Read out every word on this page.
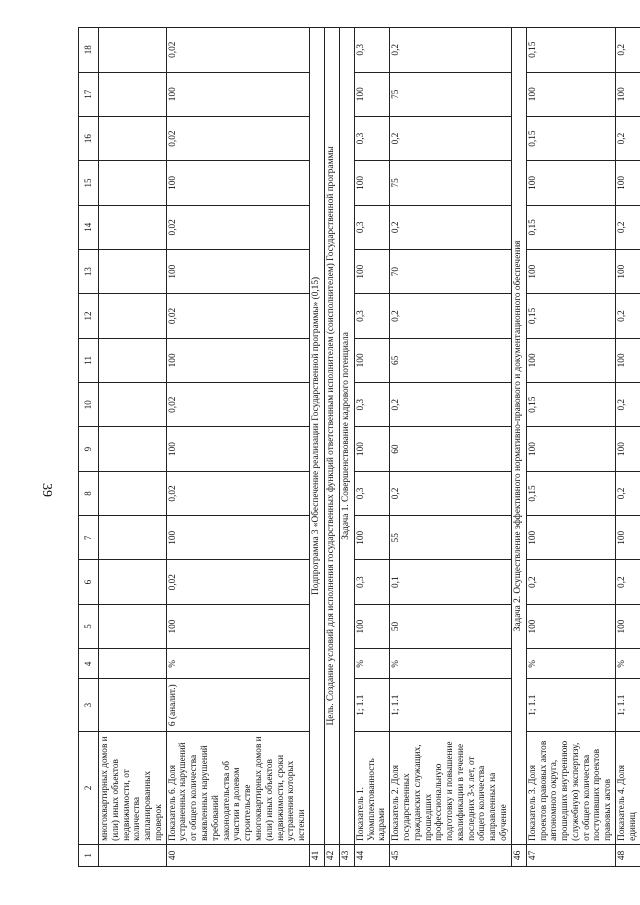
39
1	2	3	4	5	6	7	8	9	10	11	12	13	14	15	16	17	18
	многоквартирных домов и (или) иных объектов недвижимости, от количества запланированных проверок																
40	Показатель 6. Доля устраненных нарушений от общего количества выявленных нарушений требований законодательства об участии в долевом строительстве многоквартирных домов и (или) иных объектов недвижимости, сроки устранения которых истекли	6 (аналит.)	%	100	0,02	100	0,02	100	0,02	100	0,02	100	0,02	100	0,02	100	0,02
41	Подпрограмма 3 «Обеспечение реализации Государственной программы» (0,15)																
42	Цель. Создание условий для исполнения государственных функций ответственным исполнителем (соисполнителем) Государственной программы																
43	Задача 1. Совершенствование кадрового потенциала																
44	Показатель 1. Укомплектованность кадрами	1; 1.1	%	100	0,3	100	0,3	100	0,3	100	0,3	100	0,3	100	0,3	100	0,3
45	Показатель 2. Доля государственных гражданских служащих, прошедших профессиональную подготовку и повышение квалификации в течение последних 3-х лет, от общего количества направленных на обучение	1; 1.1	%	50	0,1	55	0,2	60	0,2	65	0,2	70	0,2	75	0,2	75	0,2
46	Задача 2. Осуществление эффективного нормативно-правового и документационного обеспечения																
47	Показатель 3. Доля проектов правовых актов автономного округа, прошедших внутреннюю (служебную) экспертизу, от общего количества поступивших проектов правовых актов	1; 1.1	%	100	0,2	100	0,15	100	0,15	100	0,15	100	0,15	100	0,15	100	0,15
48	Показатель 4. Доля единиц	1; 1.1	%	100	0,2	100	0,2	100	0,2	100	0,2	100	0,2	100	0,2	100	0,2
